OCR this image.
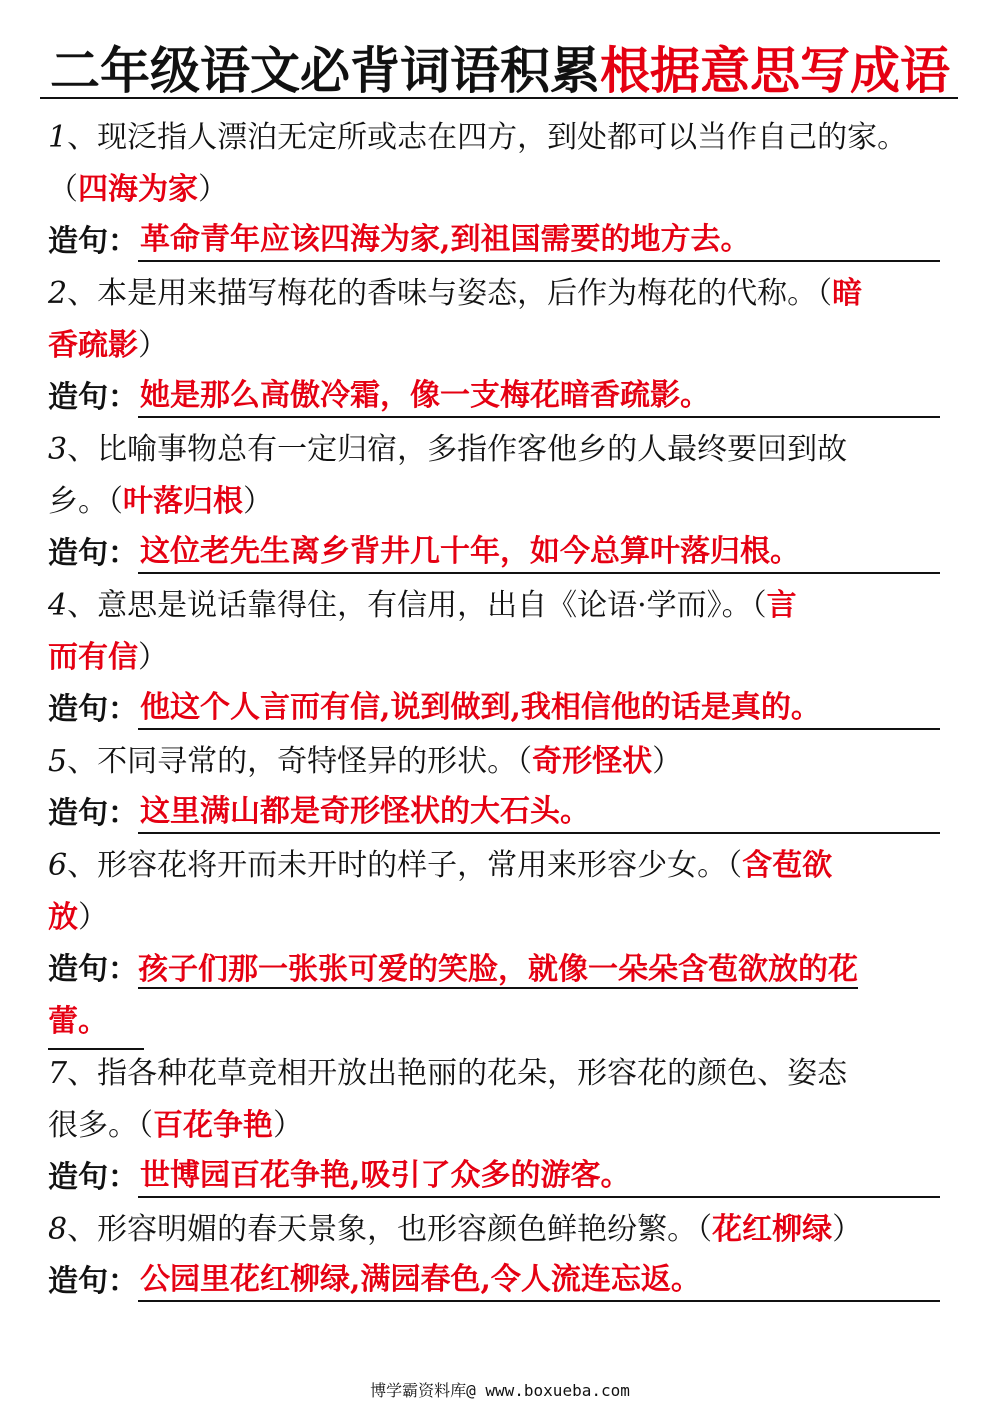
二年级语文必背词语积累根据意思写成语
1、现泛指人漂泊无定所或志在四方，到处都可以当作自己的家。
（四海为家）
造句：革命青年应该四海为家,到祖国需要的地方去。
2、本是用来描写梅花的香味与姿态，后作为梅花的代称。（暗
香疏影）
造句：她是那么高傲冷霜，像一支梅花暗香疏影。
3、比喻事物总有一定归宿，多指作客他乡的人最终要回到故
乡。（叶落归根）
造句：这位老先生离乡背井几十年，如今总算叶落归根。
4、意思是说话靠得住，有信用，出自《论语·学而》。（言
而有信）
造句：他这个人言而有信,说到做到,我相信他的话是真的。
5、不同寻常的，奇特怪异的形状。（奇形怪状）
造句：这里满山都是奇形怪状的大石头。
6、形容花将开而未开时的样子，常用来形容少女。（含苞欲
放）
造句：孩子们那一张张可爱的笑脸，就像一朵朵含苞欲放的花
蕾。
7、指各种花草竞相开放出艳丽的花朵，形容花的颜色、姿态
很多。（百花争艳）
造句：世博园百花争艳,吸引了众多的游客。
8、形容明媚的春天景象，也形容颜色鲜艳纷繁。（花红柳绿）
造句：公园里花红柳绿,满园春色,令人流连忘返。
博学霸资料库@ www.boxueba.com
